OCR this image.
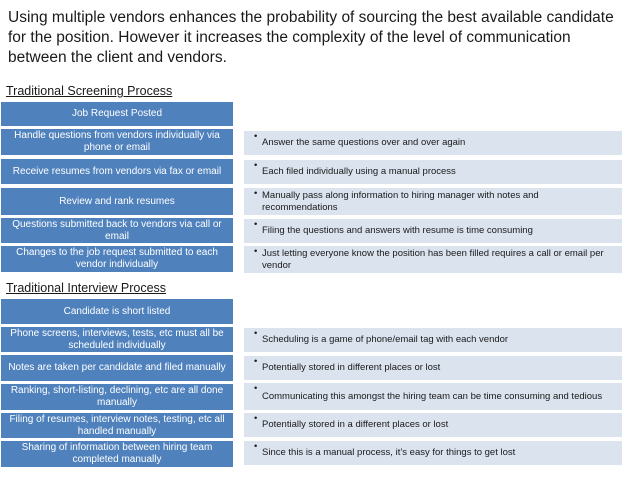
Using multiple vendors enhances the probability of sourcing the best available candidate for the position. However it increases the complexity of the level of communication between the client and vendors.
Traditional Screening Process
Job Request Posted
Handle questions from vendors individually via phone or email
•
Answer the same questions over and over again
Receive resumes from vendors via fax or email	•
Each filed individually using a manual process
Review and rank resumes
• Manually pass along information to hiring manager with notes and recommendations
Questions submitted back to vendors via call or email
•
Filing the questions and answers with resume is time consuming
Changes to the job request submitted to each vendor individually
• Just letting everyone know the position has been filled requires a call or email per vendor
Traditional Interview Process
Candidate is short listed
Phone screens, interviews, tests, etc must all be scheduled individually
•
Scheduling is a game of phone/email tag with each vendor
Notes are taken per candidate and filed manually
•
Potentially stored in different places or lost
Ranking, short-listing, declining, etc are all done manually
•
Communicating this amongst the hiring team can be time consuming and tedious
Filing of resumes, interview notes, testing, etc all handled manually
•
Potentially stored in a different places or lost
Sharing of information between hiring team completed manually
•
Since this is a manual process, it’s easy for things to get lost
